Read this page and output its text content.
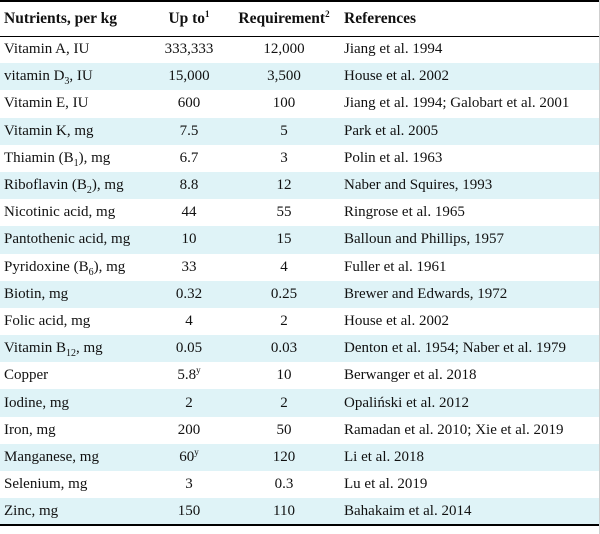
Nutrients, per kg	Up $to^1$	Requirement$^2$	References
Vitamin A, IU	333,333	12,000	Jiang et al. 1994
vitamin $D_3$, IU	15,000	3,500	House et al. 2002
Vitamin E, IU	600	100	Jiang et al. 1994; Galobart et al. 2001
Vitamin K, mg	7.5	5	Park et al. 2005
Thiamin $(B_1)$, mg	6.7	3	Polin et al. 1963
Riboflavin $(B_2)$, mg	8.8	12	Naber and Squires, 1993
Nicotinic acid, mg	44	55	Ringrose et al. 1965
Pantothenic acid, mg	10	15	Balloun and Phillips, 1957
Pyridoxine $(B_6)$, mg	33	4	Fuller et al. 1961
Biotin, mg	0.32	0.25	Brewer and Edwards, 1972
Folic acid, mg	4	2	House et al. 2002
Vitamin $B_{12}$, mg	0.05	0.03	Denton et al. 1954; Naber et al. 1979
Copper	5.8$^y$	10	Berwanger et al. 2018
Iodine, mg	2	2	Opaliński et al. 2012
Iron, mg	200	50	Ramadan et al. 2010; Xie et al. 2019
Manganese, mg	60$^y$	120	Li et al. 2018
Selenium, mg	3	0.3	Lu et al. 2019
Zinc, mg	150	110	Bahakaim et al. 2014
